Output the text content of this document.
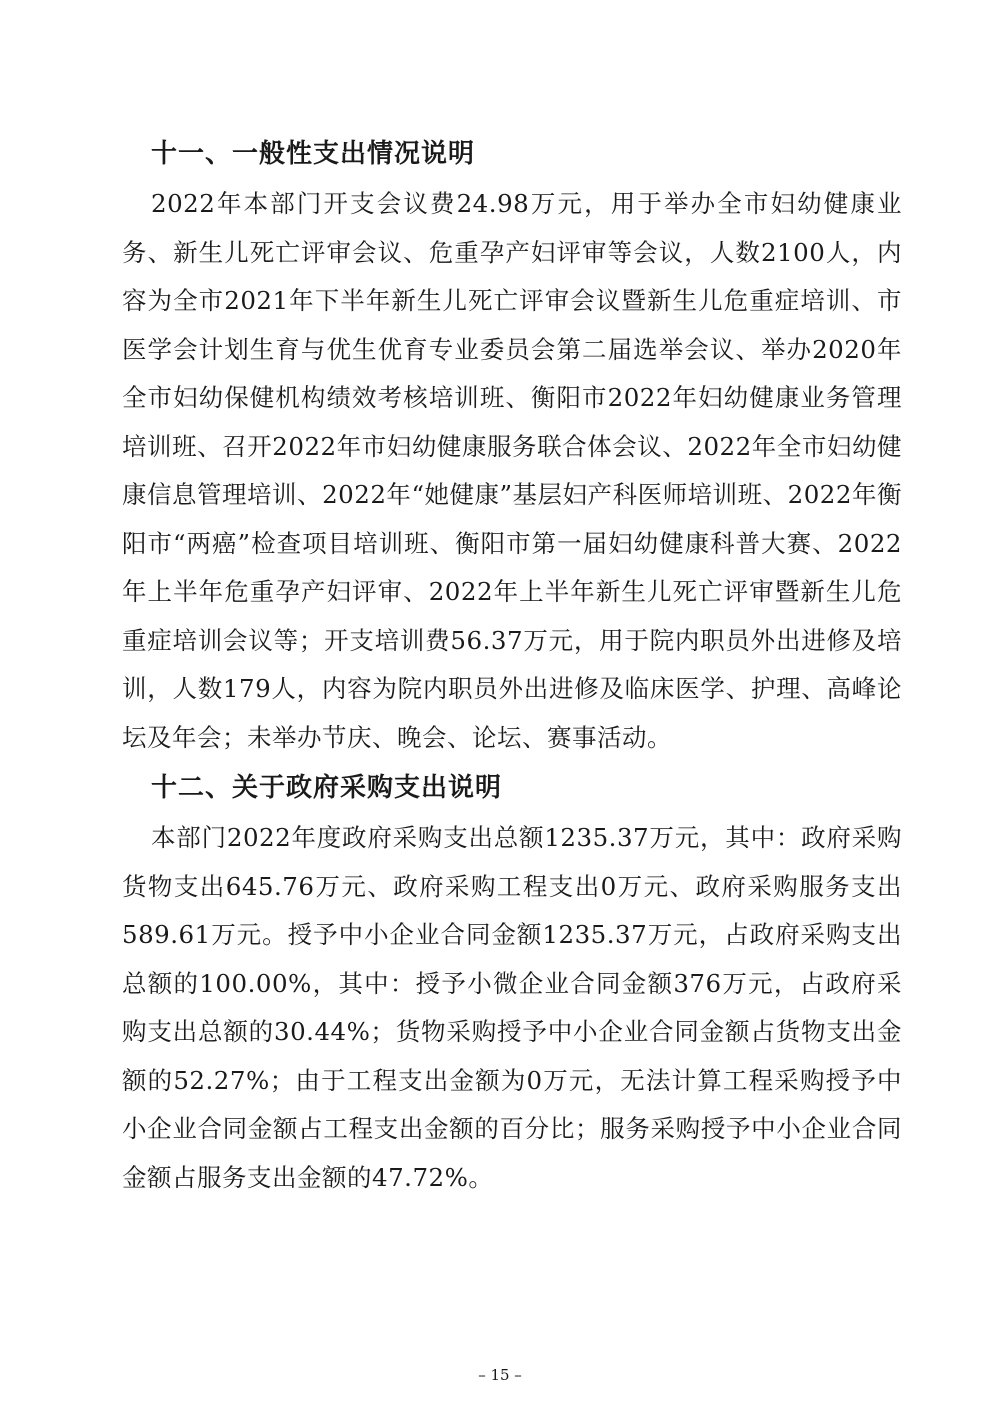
十一、一般性支出情况说明

2022年本部门开支会议费24.98万元，用于举办全市妇幼健康业务、新生儿死亡评审会议、危重孕产妇评审等会议，人数2100人，内容为全市2021年下半年新生儿死亡评审会议暨新生儿危重症培训、市医学会计划生育与优生优育专业委员会第二届选举会议、举办2020年全市妇幼保健机构绩效考核培训班、衡阳市2022年妇幼健康业务管理培训班、召开2022年市妇幼健康服务联合体会议、2022年全市妇幼健康信息管理培训、2022年“她健康”基层妇产科医师培训班、2022年衡阳市“两癌”检查项目培训班、衡阳市第一届妇幼健康科普大赛、2022年上半年危重孕产妇评审、2022年上半年新生儿死亡评审暨新生儿危重症培训会议等；开支培训费56.37万元，用于院内职员外出进修及培训，人数179人，内容为院内职员外出进修及临床医学、护理、高峰论坛及年会；未举办节庆、晚会、论坛、赛事活动。

十二、关于政府采购支出说明

本部门2022年度政府采购支出总额1235.37万元，其中：政府采购货物支出645.76万元、政府采购工程支出0万元、政府采购服务支出589.61万元。授予中小企业合同金额1235.37万元，占政府采购支出总额的100.00%，其中：授予小微企业合同金额376万元，占政府采购支出总额的30.44%；货物采购授予中小企业合同金额占货物支出金额的52.27%；由于工程支出金额为0万元，无法计算工程采购授予中小企业合同金额占工程支出金额的百分比；服务采购授予中小企业合同金额占服务支出金额的47.72%。

– 15 –
